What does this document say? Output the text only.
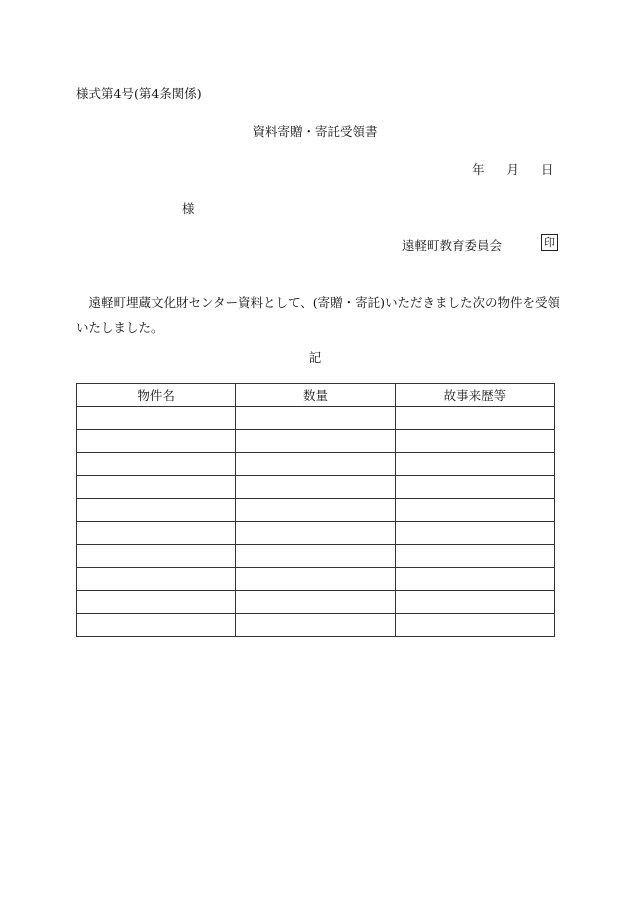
様式第4号(第4条関係)
資料寄贈・寄託受領書
年 月 日
様
遠軽町教育委員会	印
遠軽町埋蔵文化財センター資料として、(寄贈・寄託)いただきました次の物件を受領いたしました。
記
物件名	数量	故事来歴等
